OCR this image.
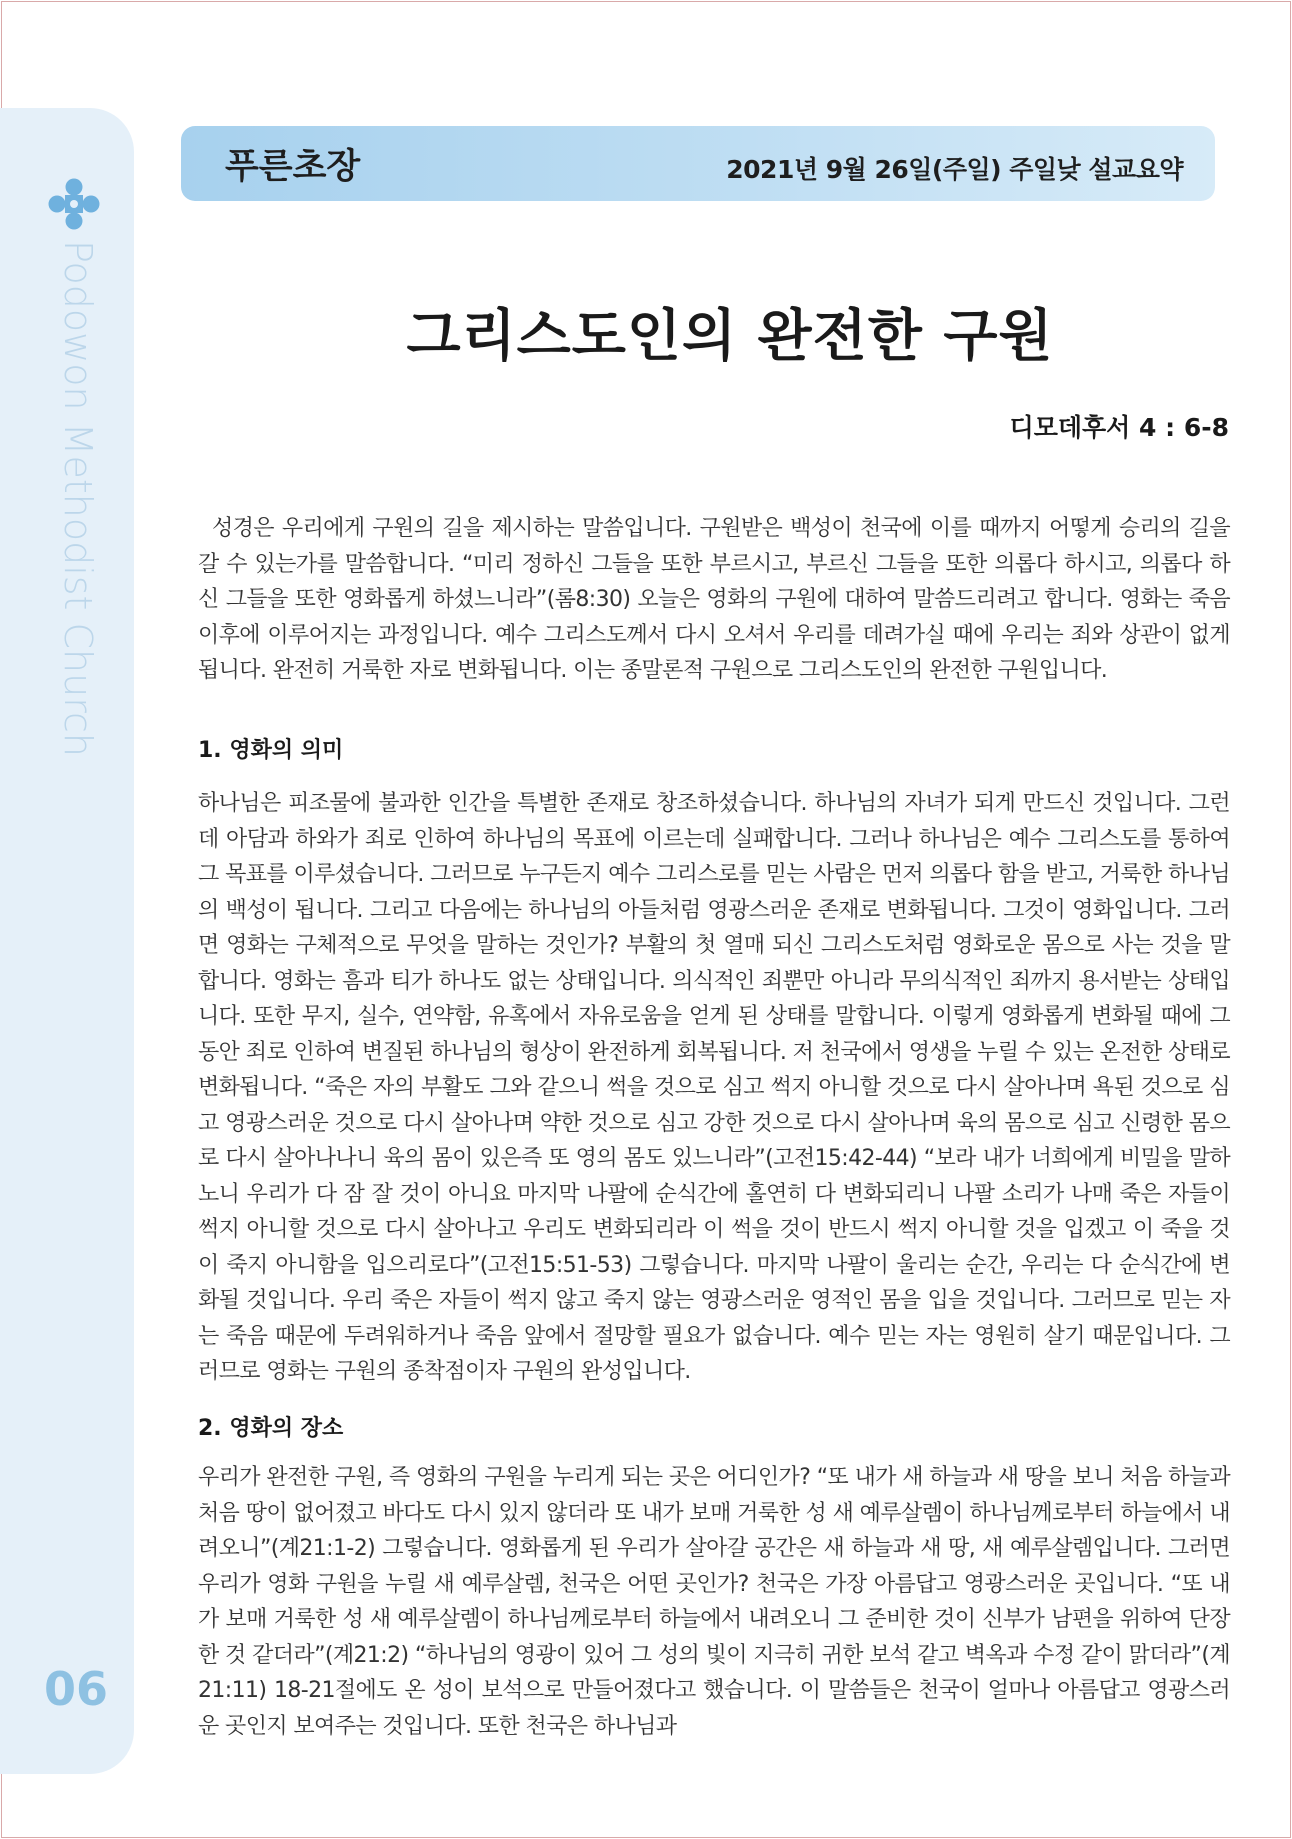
Podowon Methodist Church
06
푸른초장	2021년 9월 26일(주일) 주일낮 설교요약
그리스도인의 완전한 구원
디모데후서 4 : 6-8

성경은 우리에게 구원의 길을 제시하는 말씀입니다. 구원받은 백성이 천국에 이를 때까지 어떻게 승리의 길을 갈 수 있는가를 말씀합니다. “미리 정하신 그들을 또한 부르시고, 부르신 그들을 또한 의롭다 하시고, 의롭다 하신 그들을 또한 영화롭게 하셨느니라”(롬8:30) 오늘은 영화의 구원에 대하여 말씀드리려고 합니다. 영화는 죽음 이후에 이루어지는 과정입니다. 예수 그리스도께서 다시 오셔서 우리를 데려가실 때에 우리는 죄와 상관이 없게 됩니다. 완전히 거룩한 자로 변화됩니다. 이는 종말론적 구원으로 그리스도인의 완전한 구원입니다.

1. 영화의 의미

하나님은 피조물에 불과한 인간을 특별한 존재로 창조하셨습니다. 하나님의 자녀가 되게 만드신 것입니다. 그런데 아담과 하와가 죄로 인하여 하나님의 목표에 이르는데 실패합니다. 그러나 하나님은 예수 그리스도를 통하여 그 목표를 이루셨습니다. 그러므로 누구든지 예수 그리스로를 믿는 사람은 먼저 의롭다 함을 받고, 거룩한 하나님의 백성이 됩니다. 그리고 다음에는 하나님의 아들처럼 영광스러운 존재로 변화됩니다. 그것이 영화입니다. 그러면 영화는 구체적으로 무엇을 말하는 것인가? 부활의 첫 열매 되신 그리스도처럼 영화로운 몸으로 사는 것을 말합니다. 영화는 흠과 티가 하나도 없는 상태입니다. 의식적인 죄뿐만 아니라 무의식적인 죄까지 용서받는 상태입니다. 또한 무지, 실수, 연약함, 유혹에서 자유로움을 얻게 된 상태를 말합니다. 이렇게 영화롭게 변화될 때에 그동안 죄로 인하여 변질된 하나님의 형상이 완전하게 회복됩니다. 저 천국에서 영생을 누릴 수 있는 온전한 상태로 변화됩니다. “죽은 자의 부활도 그와 같으니 썩을 것으로 심고 썩지 아니할 것으로 다시 살아나며 욕된 것으로 심고 영광스러운 것으로 다시 살아나며 약한 것으로 심고 강한 것으로 다시 살아나며 육의 몸으로 심고 신령한 몸으로 다시 살아나나니 육의 몸이 있은즉 또 영의 몸도 있느니라”(고전15:42-44) “보라 내가 너희에게 비밀을 말하노니 우리가 다 잠 잘 것이 아니요 마지막 나팔에 순식간에 홀연히 다 변화되리니 나팔 소리가 나매 죽은 자들이 썩지 아니할 것으로 다시 살아나고 우리도 변화되리라 이 썩을 것이 반드시 썩지 아니할 것을 입겠고 이 죽을 것이 죽지 아니함을 입으리로다”(고전15:51-53) 그렇습니다. 마지막 나팔이 울리는 순간, 우리는 다 순식간에 변화될 것입니다. 우리 죽은 자들이 썩지 않고 죽지 않는 영광스러운 영적인 몸을 입을 것입니다. 그러므로 믿는 자는 죽음 때문에 두려워하거나 죽음 앞에서 절망할 필요가 없습니다. 예수 믿는 자는 영원히 살기 때문입니다. 그러므로 영화는 구원의 종착점이자 구원의 완성입니다.

2. 영화의 장소

우리가 완전한 구원, 즉 영화의 구원을 누리게 되는 곳은 어디인가? “또 내가 새 하늘과 새 땅을 보니 처음 하늘과 처음 땅이 없어졌고 바다도 다시 있지 않더라 또 내가 보매 거룩한 성 새 예루살렘이 하나님께로부터 하늘에서 내려오니”(계21:1-2) 그렇습니다. 영화롭게 된 우리가 살아갈 공간은 새 하늘과 새 땅, 새 예루살렘입니다. 그러면 우리가 영화 구원을 누릴 새 예루살렘, 천국은 어떤 곳인가? 천국은 가장 아름답고 영광스러운 곳입니다. “또 내가 보매 거룩한 성 새 예루살렘이 하나님께로부터 하늘에서 내려오니 그 준비한 것이 신부가 남편을 위하여 단장한 것 같더라”(계21:2) “하나님의 영광이 있어 그 성의 빛이 지극히 귀한 보석 같고 벽옥과 수정 같이 맑더라”(계21:11) 18-21절에도 온 성이 보석으로 만들어졌다고 했습니다. 이 말씀들은 천국이 얼마나 아름답고 영광스러운 곳인지 보여주는 것입니다. 또한 천국은 하나님과
